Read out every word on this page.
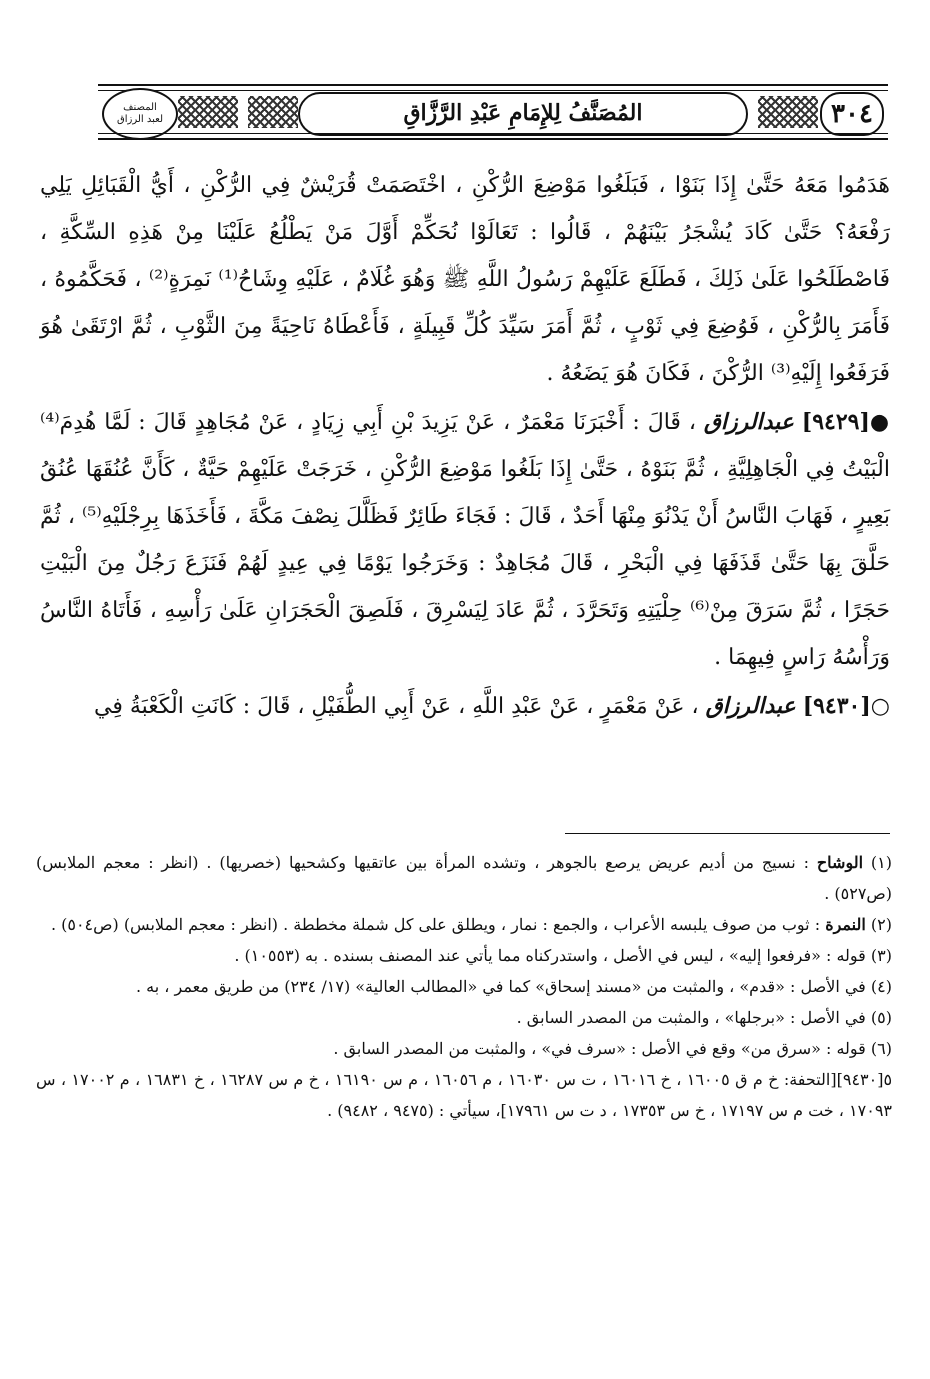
٣٠٤
المُصَنَّفُ لِلإِمَامِ عَبْدِ الرَّزَّاقِ
المصنف
لعبد الرزاق

هَدَمُوا مَعَهُ حَتَّىٰ إِذَا بَنَوْا ، فَبَلَغُوا مَوْضِعَ الرُّكْنِ ، اخْتَصَمَتْ قُرَيْشٌ فِي الرُّكْنِ ، أَيُّ الْقَبَائِلِ يَلِي رَفْعَهُ؟ حَتَّىٰ كَادَ يُشْجَرُ بَيْنَهُمْ ، قَالُوا : تَعَالَوْا نُحَكِّمْ أَوَّلَ مَنْ يَطْلُعُ عَلَيْنَا مِنْ هَذِهِ السِّكَّةِ ، فَاصْطَلَحُوا عَلَىٰ ذَلِكَ ، فَطَلَعَ عَلَيْهِمْ رَسُولُ اللَّهِ ﷺ وَهُوَ غُلَامٌ ، عَلَيْهِ وِشَاحُ⁽¹⁾ نَمِرَةٍ⁽²⁾ ، فَحَكَّمُوهُ ، فَأَمَرَ بِالرُّكْنِ ، فَوُضِعَ فِي ثَوْبٍ ، ثُمَّ أَمَرَ سَيِّدَ كُلِّ قَبِيلَةٍ ، فَأَعْطَاهُ نَاحِيَةً مِنَ الثَّوْبِ ، ثُمَّ ارْتَقَىٰ هُوَ فَرَفَعُوا إِلَيْهِ⁽³⁾ الرُّكْنَ ، فَكَانَ هُوَ يَضَعُهُ .

●[٩٤٢٩] عبدالرزاق ، قَالَ : أَخْبَرَنَا مَعْمَرٌ ، عَنْ يَزِيدَ بْنِ أَبِي زِيَادٍ ، عَنْ مُجَاهِدٍ قَالَ : لَمَّا هُدِمَ⁽⁴⁾ الْبَيْتُ فِي الْجَاهِلِيَّةِ ، ثُمَّ بَنَوْهُ ، حَتَّىٰ إِذَا بَلَغُوا مَوْضِعَ الرُّكْنِ ، خَرَجَتْ عَلَيْهِمْ حَيَّةٌ ، كَأَنَّ عُنُقَهَا عُنُقُ بَعِيرٍ ، فَهَابَ النَّاسُ أَنْ يَدْنُوَ مِنْهَا أَحَدٌ ، قَالَ : فَجَاءَ طَائِرٌ فَظَلَّلَ نِصْفَ مَكَّةَ ، فَأَخَذَهَا بِرِجْلَيْهِ⁽⁵⁾ ، ثُمَّ حَلَّقَ بِهَا حَتَّىٰ قَذَفَهَا فِي الْبَحْرِ ، قَالَ مُجَاهِدٌ : وَخَرَجُوا يَوْمًا فِي عِيدٍ لَهُمْ فَنَزَعَ رَجُلٌ مِنَ الْبَيْتِ حَجَرًا ، ثُمَّ سَرَقَ مِنْ⁽⁶⁾ حِلْيَتِهِ وَتَحَرَّدَ ، ثُمَّ عَادَ لِيَسْرِقَ ، فَلَصِقَ الْحَجَرَانِ عَلَىٰ رَأْسِهِ ، فَأَتَاهُ النَّاسُ وَرَأْسُهُ رَاسٍ فِيهِمَا .

○[٩٤٣٠] عبدالرزاق ، عَنْ مَعْمَرٍ ، عَنْ عَبْدِ اللَّهِ ، عَنْ أَبِي الطُّفَيْلِ ، قَالَ : كَانَتِ الْكَعْبَةُ فِي

(١) الوشاح : نسيج من أديم عريض يرصع بالجوهر ، وتشده المرأة بين عاتقيها وكشحيها (خصريها) . (انظر : معجم الملابس) (ص٥٢٧) .

(٢) النمرة : ثوب من صوف يلبسه الأعراب ، والجمع : نمار ، ويطلق على كل شملة مخططة . (انظر : معجم الملابس) (ص٥٠٤) .

(٣) قوله : «فرفعوا إليه» ، ليس في الأصل ، واستدركناه مما يأتي عند المصنف بسنده . به (١٠٥٥٣) .

(٤) في الأصل : «قدم» ، والمثبت من «مسند إسحاق» كما في «المطالب العالية» (١٧/ ٢٣٤) من طريق معمر ، به .

(٥) في الأصل : «برجلها» ، والمثبت من المصدر السابق .

(٦) قوله : «سرق من» وقع في الأصل : «سرف في» ، والمثبت من المصدر السابق .

٥[٩٤٣٠][التحفة: خ م ق ١٦٠٠٥ ، خ ١٦٠١٦ ، ت س ١٦٠٣٠ ، م ١٦٠٥٦ ، م س ١٦١٩٠ ، خ م س ١٦٢٨٧ ، خ ١٦٨٣١ ، م ١٧٠٠٢ ، س ١٧٠٩٣ ، خت م س ١٧١٩٧ ، خ س ١٧٣٥٣ ، د ت س ١٧٩٦١]، سيأتي : (٩٤٧٥ ، ٩٤٨٢) .
